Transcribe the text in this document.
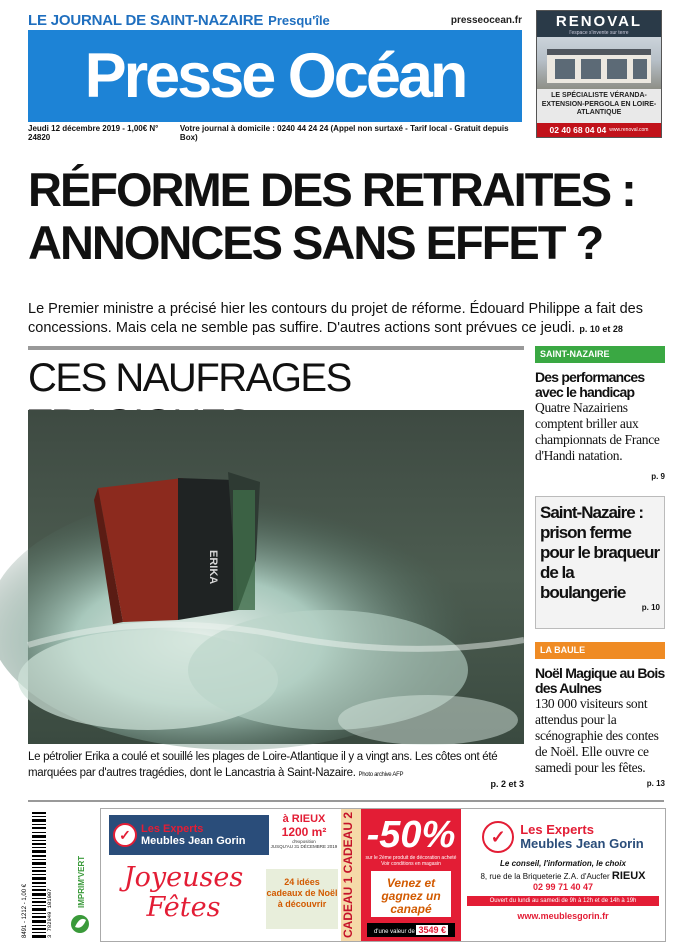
LE JOURNAL DE SAINT-NAZAIRE Presqu'île	presseocean.fr
Presse Océan
Jeudi 12 décembre 2019 - 1,00€ N° 24820
Votre journal à domicile : 0240 44 24 24 (Appel non surtaxé - Tarif local - Gratuit depuis Box)
RENOVAL
l'espace s'invente sur terre
LE SPÉCIALISTE VÉRANDA-EXTENSION-PERGOLA EN LOIRE-ATLANTIQUE
02 40 68 04 04 www.renoval.com
RÉFORME DES RETRAITES :
ANNONCES SANS EFFET ?
Le Premier ministre a précisé hier les contours du projet de réforme. Édouard Philippe a fait des concessions. Mais cela ne semble pas suffire. D'autres actions sont prévues ce jeudi. p. 10 et 28
CES NAUFRAGES
ERIKA
Le pétrolier Erika a coulé et souillé les plages de Loire-Atlantique il y a vingt ans. Les côtes ont été marquées par d'autres tragédies, dont le Lancastria à Saint-Nazaire. Photo archive AFP
p. 2 et 3
SAINT-NAZAIRE
Des performances avec le handicap
Quatre Nazairiens comptent briller aux championnats de France d'Handi natation.
p. 9
Saint-Nazaire : prison ferme pour le braqueur de la boulangerie
p. 10
LA BAULE
Noël Magique au Bois des Aulnes
130 000 visiteurs sont attendus pour la scénographie des contes de Noël. Elle ouvre ce samedi pour les fêtes.
p. 13
8491 - 1212 - 1,00 €	3 782849 101007
IMPRIM'VERT
✓ Les Experts
Meubles Jean Gorin
à RIEUX
1200 m²
d'exposition
JUSQU'AU 31 DÉCEMBRE 2019
Joyeuses Fêtes
24 idées cadeaux de Noël à découvrir	CADEAU 1 CADEAU 2 -50%
sur le 2ème produit de décoration acheté
Voir conditions en magasin
Venez et gagnez un canapé
d'une valeur de 3549 €
✓	Les Experts
Meubles Jean Gorin
Le conseil, l'information, le choix
8, rue de la Briqueterie Z.A. d'Aucfer RIEUX
02 99 71 40 47
Ouvert du lundi au samedi de 9h à 12h et de 14h à 19h
www.meublesgorin.fr
